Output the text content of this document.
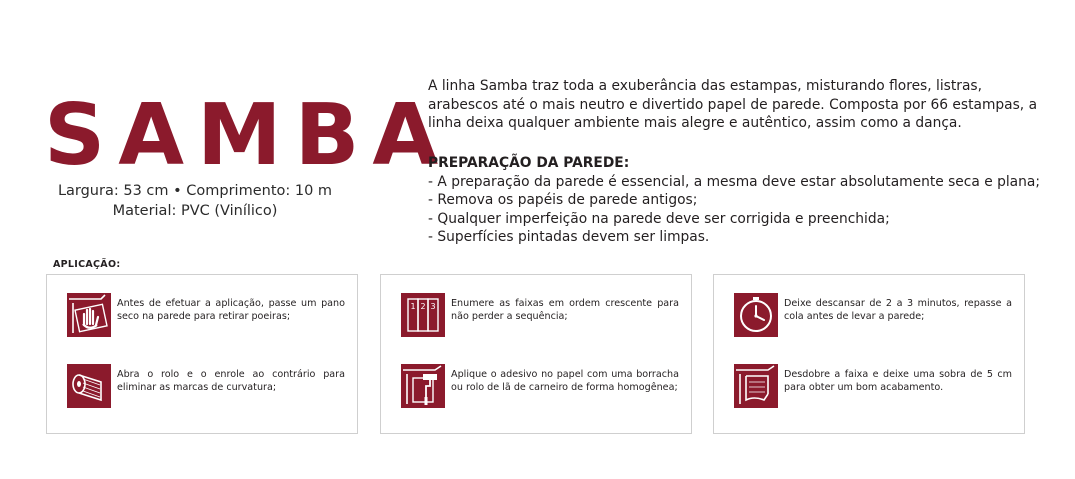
SAMBA
Largura: 53 cm • Comprimento: 10 m
Material: PVC (Vinílico)
A linha Samba traz toda a exuberância das estampas, misturando flores, listras, arabescos até o mais neutro e divertido papel de parede. Composta por 66 estampas, a linha deixa qualquer ambiente mais alegre e autêntico, assim como a dança.
PREPARAÇÃO DA PAREDE:
- A preparação da parede é essencial, a mesma deve estar absolutamente seca e plana;
- Remova os papéis de parede antigos;
- Qualquer imperfeição na parede deve ser corrigida e preenchida;
- Superfícies pintadas devem ser limpas.
APLICAÇÃO:
Antes de efetuar a aplicação, passe um pano seco na parede para retirar poeiras;
Abra o rolo e o enrole ao contrário para eliminar as marcas de curvatura;
1 2 3 Enumere as faixas em ordem crescente para não perder a sequência;
Aplique o adesivo no papel com uma borracha ou rolo de lã de carneiro de forma homogênea;
Deixe descansar de 2 a 3 minutos, repasse a cola antes de levar a parede;
Desdobre a faixa e deixe uma sobra de 5 cm para obter um bom acabamento.
